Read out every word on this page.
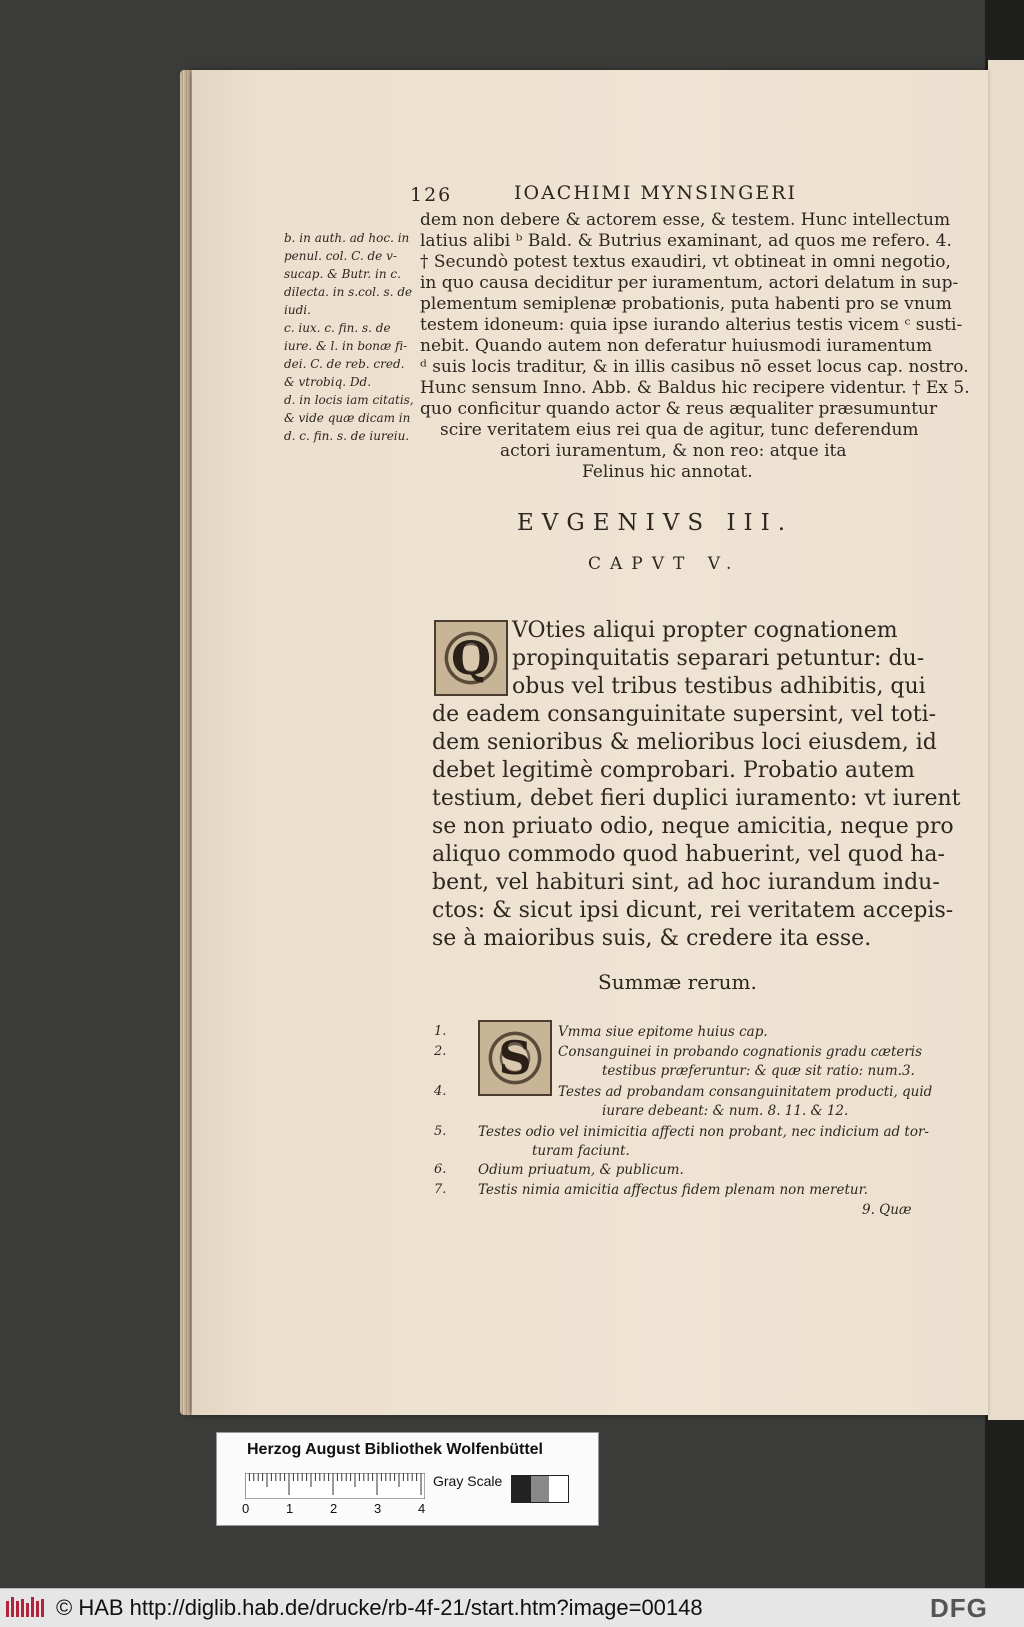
126	IOACHIMI MYNSINGERI
dem non debere & actorem esse, & testem. Hunc intellectum
latius alibi ᵇ Bald. & Butrius examinant, ad quos me refero. 4.
† Secundò potest textus exaudiri, vt obtineat in omni negotio,
in quo causa deciditur per iuramentum, actori delatum in sup-
plementum semiplenæ probationis, puta habenti pro se vnum
testem idoneum: quia ipse iurando alterius testis vicem ᶜ susti-
nebit. Quando autem non deferatur huiusmodi iuramentum
ᵈ suis locis traditur, & in illis casibus nō esset locus cap. nostro.
Hunc sensum Inno. Abb. & Baldus hic recipere videntur. † Ex 5.
quo conficitur quando actor & reus æqualiter præsumuntur
scire veritatem eius rei qua de agitur, tunc deferendum
actori iuramentum, & non reo: atque ita
Felinus hic annotat.
b. in auth. ad hoc. in
penul. col. C. de v-
sucap. & Butr. in c.
dilecta. in s.col. s. de
iudi.
c. iux. c. fin. s. de
iure. & l. in bonæ fi-
dei. C. de reb. cred.
& vtrobiq. Dd.
d. in locis iam citatis,
& vide quæ dicam in
d. c. fin. s. de iureiu.
EVGENIVS III.
CAPVT V.
Q
VOties aliqui propter cognationem
propinquitatis separari petuntur: du-
obus vel tribus testibus adhibitis, qui
de eadem consanguinitate supersint, vel toti-
dem senioribus & melioribus loci eiusdem, id
debet legitimè comprobari. Probatio autem
testium, debet fieri duplici iuramento: vt iurent
se non priuato odio, neque amicitia, neque pro
aliquo commodo quod habuerint, vel quod ha-
bent, vel habituri sint, ad hoc iurandum indu-
ctos: & sicut ipsi dicunt, rei veritatem accepis-
se à maioribus suis, & credere ita esse.
Summæ rerum.
S
1.
2.
4.
5.
6.
7.
Vmma siue epitome huius cap.
Consanguinei in probando cognationis gradu cæteris
testibus præferuntur: & quæ sit ratio: num.3.
Testes ad probandam consanguinitatem producti, quid
iurare debeant: & num. 8. 11. & 12.
Testes odio vel inimicitia affecti non probant, nec indicium ad tor-
turam faciunt.
Odium priuatum, & publicum.
Testis nimia amicitia affectus fidem plenam non meretur.
9. Quæ
Herzog August Bibliothek Wolfenbüttel
0	1	2	3	4
Gray Scale
© HAB http://diglib.hab.de/drucke/rb-4f-21/start.htm?image=00148	DFG
